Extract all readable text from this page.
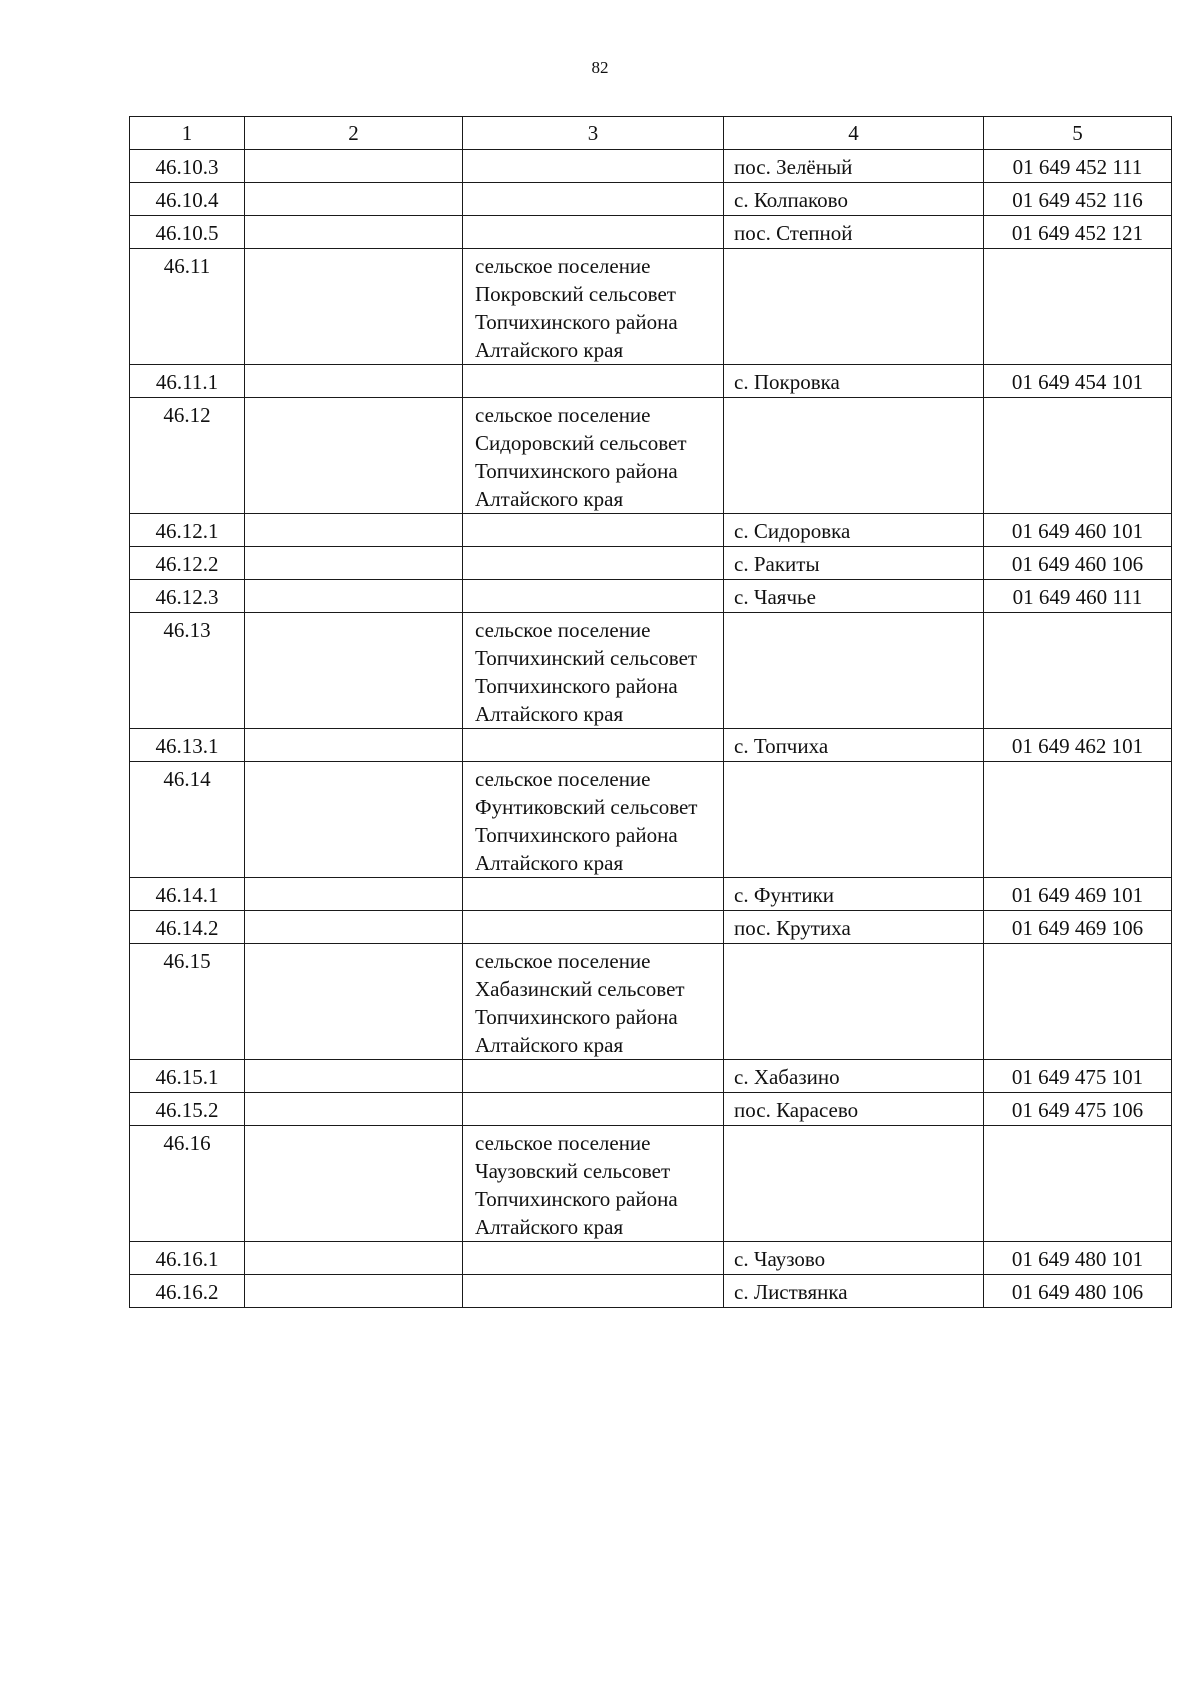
82
1	2	3	4	5
46.10.3			пос. Зелёный	01 649 452 111
46.10.4			с. Колпаково	01 649 452 116
46.10.5			пос. Степной	01 649 452 121
46.11		сельское поселение Покровский сельсовет Топчихинского района Алтайского края		
46.11.1			с. Покровка	01 649 454 101
46.12		сельское поселение Сидоровский сельсовет Топчихинского района Алтайского края		
46.12.1			с. Сидоровка	01 649 460 101
46.12.2			с. Ракиты	01 649 460 106
46.12.3			с. Чаячье	01 649 460 111
46.13		сельское поселение Топчихинский сельсовет Топчихинского района Алтайского края		
46.13.1			с. Топчиха	01 649 462 101
46.14		сельское поселение Фунтиковский сельсовет Топчихинского района Алтайского края		
46.14.1			с. Фунтики	01 649 469 101
46.14.2			пос. Крутиха	01 649 469 106
46.15		сельское поселение Хабазинский сельсовет Топчихинского района Алтайского края		
46.15.1			с. Хабазино	01 649 475 101
46.15.2			пос. Карасево	01 649 475 106
46.16		сельское поселение Чаузовский сельсовет Топчихинского района Алтайского края		
46.16.1			с. Чаузово	01 649 480 101
46.16.2			с. Листвянка	01 649 480 106
